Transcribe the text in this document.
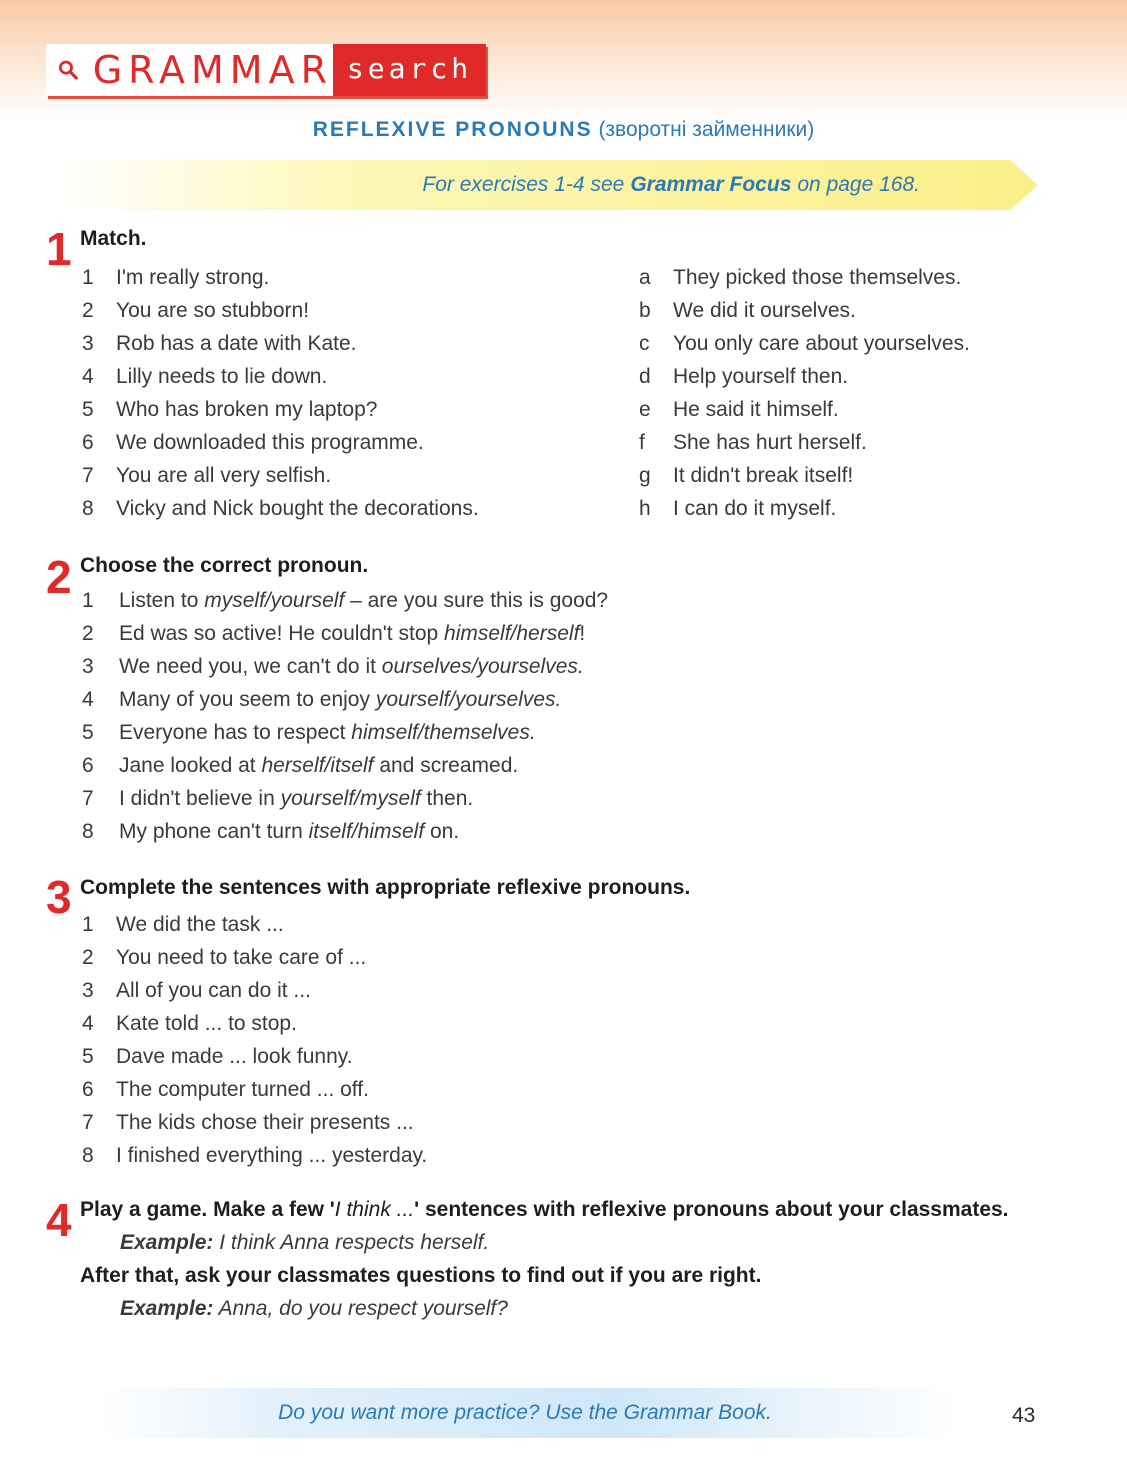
GRAMMAR search
REFLEXIVE PRONOUNS (зворотні займенники)
For exercises 1-4 see Grammar Focus on page 168.
1 Match.
1 I'm really strong.
2 You are so stubborn!
3 Rob has a date with Kate.
4 Lilly needs to lie down.
5 Who has broken my laptop?
6 We downloaded this programme.
7 You are all very selfish.
8 Vicky and Nick bought the decorations.
a They picked those themselves.
b We did it ourselves.
c You only care about yourselves.
d Help yourself then.
e He said it himself.
f She has hurt herself.
g It didn't break itself!
h I can do it myself.
2 Choose the correct pronoun.
1 Listen to myself/yourself – are you sure this is good?
2 Ed was so active! He couldn't stop himself/herself!
3 We need you, we can't do it ourselves/yourselves.
4 Many of you seem to enjoy yourself/yourselves.
5 Everyone has to respect himself/themselves.
6 Jane looked at herself/itself and screamed.
7 I didn't believe in yourself/myself then.
8 My phone can't turn itself/himself on.
3 Complete the sentences with appropriate reflexive pronouns.
1 We did the task ...
2 You need to take care of ...
3 All of you can do it ...
4 Kate told ... to stop.
5 Dave made ... look funny.
6 The computer turned ... off.
7 The kids chose their presents ...
8 I finished everything ... yesterday.
4 Play a game. Make a few 'I think ...' sentences with reflexive pronouns about your classmates.
Example: I think Anna respects herself.
After that, ask your classmates questions to find out if you are right.
Example: Anna, do you respect yourself?
Do you want more practice? Use the Grammar Book.	43
